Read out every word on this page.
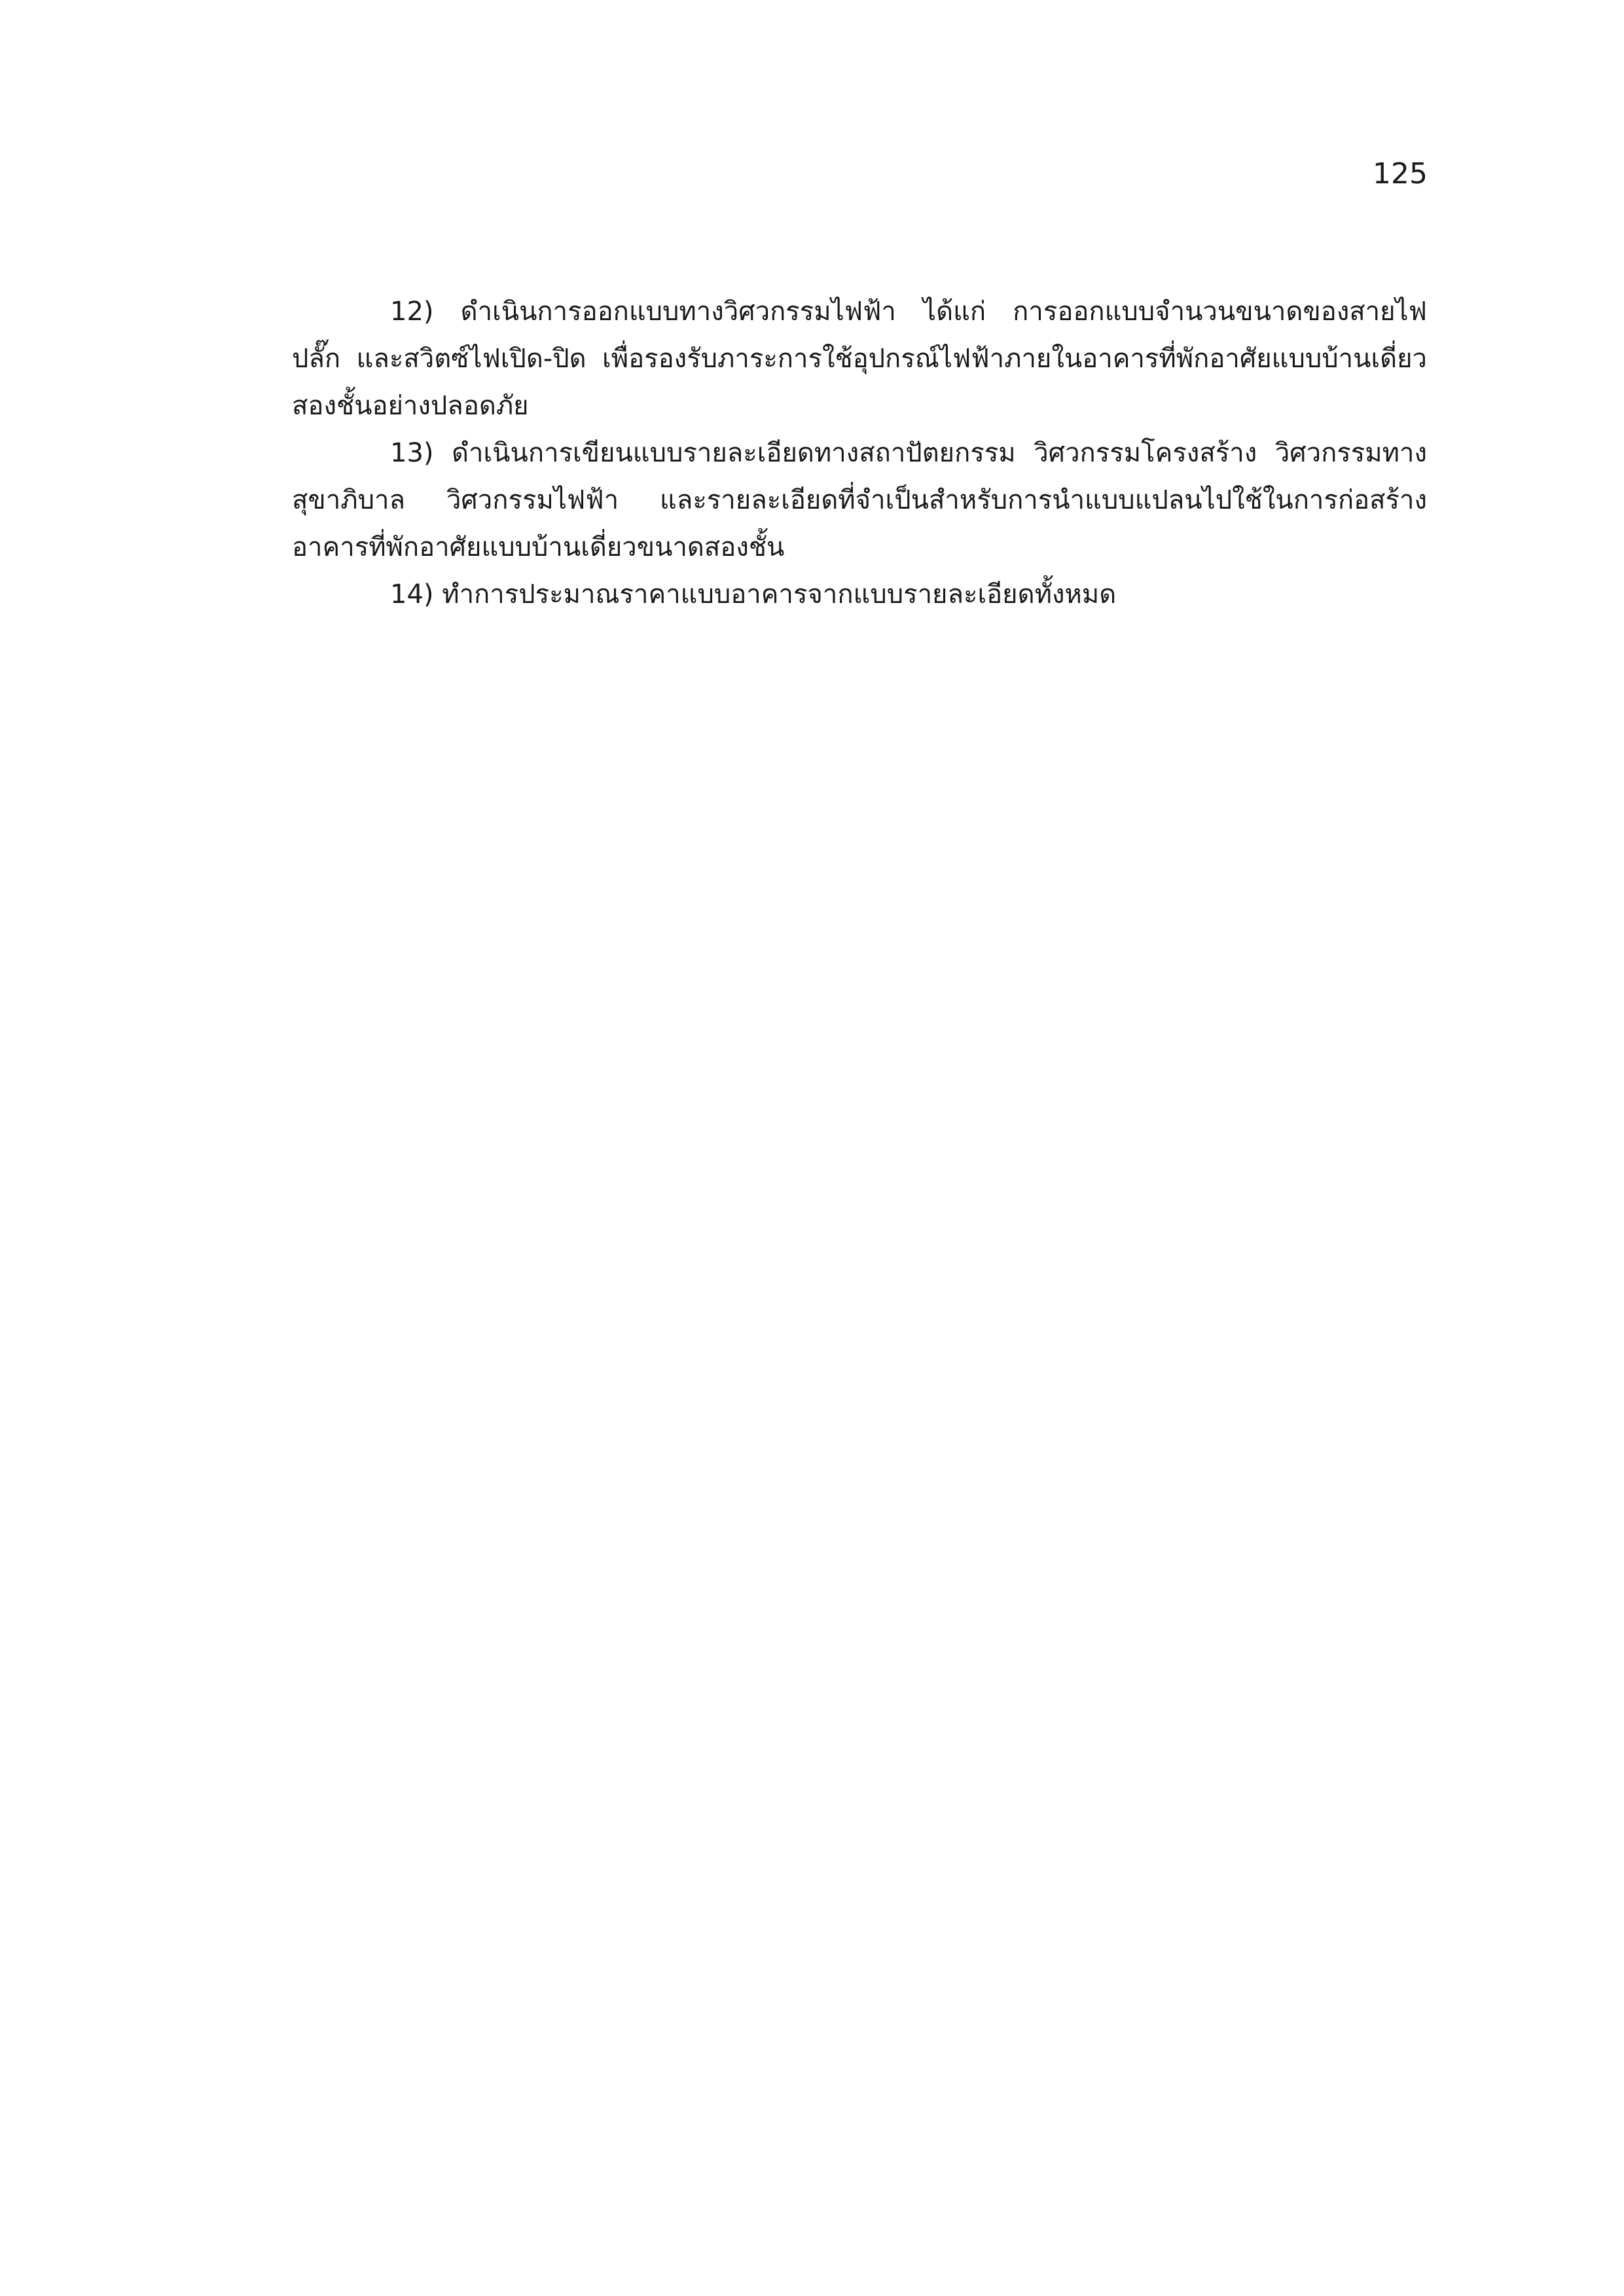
125

12) ดำเนินการออกแบบทางวิศวกรรมไฟฟ้า ได้แก่ การออกแบบจำนวนขนาดของสายไฟ ปลั๊ก และสวิตซ์ไฟเปิด-ปิด เพื่อรองรับภาระการใช้อุปกรณ์ไฟฟ้าภายในอาคารที่พักอาศัยแบบบ้านเดี่ยวสองชั้นอย่างปลอดภัย

13) ดำเนินการเขียนแบบรายละเอียดทางสถาปัตยกรรม วิศวกรรมโครงสร้าง วิศวกรรมทางสุขาภิบาล วิศวกรรมไฟฟ้า และรายละเอียดที่จำเป็นสำหรับการนำแบบแปลนไปใช้ในการก่อสร้างอาคารที่พักอาศัยแบบบ้านเดี่ยวขนาดสองชั้น

14) ทำการประมาณราคาแบบอาคารจากแบบรายละเอียดทั้งหมด
